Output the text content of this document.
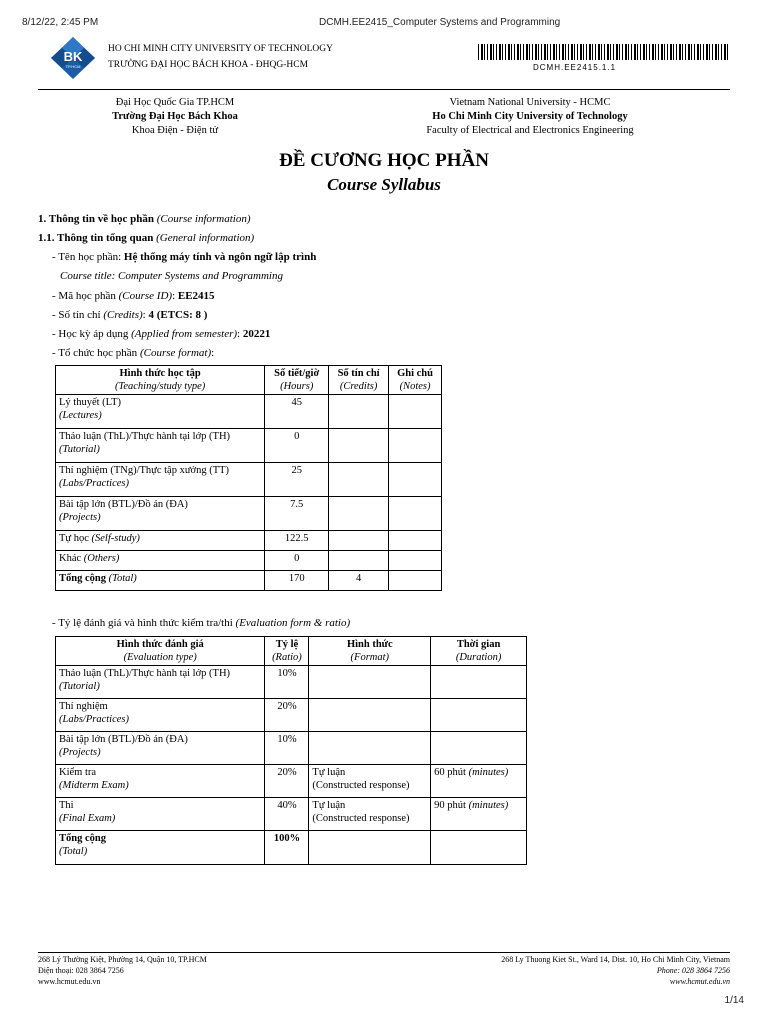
8/12/22, 2:45 PM	DCMH.EE2415_Computer Systems and Programming
BK
TP.HCM
HO CHI MINH CITY UNIVERSITY OF TECHNOLOGY
TRƯỜNG ĐẠI HỌC BÁCH KHOA - ĐHQG-HCM	DCMH.EE2415.1.1
Đại Học Quốc Gia TP.HCM
Trường Đại Học Bách Khoa
Khoa Điện - Điện tử
Vietnam National University - HCMC
Ho Chi Minh City University of Technology
Faculty of Electrical and Electronics Engineering
ĐỀ CƯƠNG HỌC PHẦN
Course Syllabus
1. Thông tin về học phần (Course information)
1.1. Thông tin tổng quan (General information)
- Tên học phần: Hệ thống máy tính và ngôn ngữ lập trình
Course title: Computer Systems and Programming
- Mã học phần (Course ID): EE2415
- Số tín chỉ (Credits): 4 (ETCS: 8 )
- Học kỳ áp dụng (Applied from semester): 20221
- Tổ chức học phần (Course format):
Hình thức học tập
(Teaching/study type)	Số tiết/giờ
(Hours)	Số tín chỉ
(Credits)	Ghi chú
(Notes)

Lý thuyết (LT)
(Lectures)	45		
Thảo luận (ThL)/Thực hành tại lớp (TH)
(Tutorial)	0		
Thí nghiệm (TNg)/Thực tập xưởng (TT)
(Labs/Practices)	25		
Bài tập lớn (BTL)/Đồ án (ĐA)
(Projects)	7.5		
Tự học (Self-study)	122.5		
Khác (Others)	0		
Tổng cộng (Total)	170	4	
- Tỷ lệ đánh giá và hình thức kiểm tra/thi (Evaluation form & ratio)
Hình thức đánh giá
(Evaluation type)	Tỷ lệ
(Ratio)	Hình thức
(Format)	Thời gian
(Duration)

Thảo luận (ThL)/Thực hành tại lớp (TH)
(Tutorial)	10%	

Thí nghiệm
(Labs/Practices)	20%	

Bài tập lớn (BTL)/Đồ án (ĐA)
(Projects)	10%	

Kiểm tra
(Midterm Exam)	20%	Tự luận
(Constructed response)	60 phút (minutes)
Thi
(Final Exam)	40%	Tự luận
(Constructed response)	90 phút (minutes)
Tổng cộng
(Total)	100%		
268 Lý Thường Kiệt, Phường 14, Quận 10, TP.HCM
Điện thoại: 028 3864 7256
www.hcmut.edu.vn
268 Ly Thuong Kiet St., Ward 14, Dist. 10, Ho Chi Minh City, Vietnam
Phone: 028 3864 7256
www.hcmut.edu.vn
1/14
